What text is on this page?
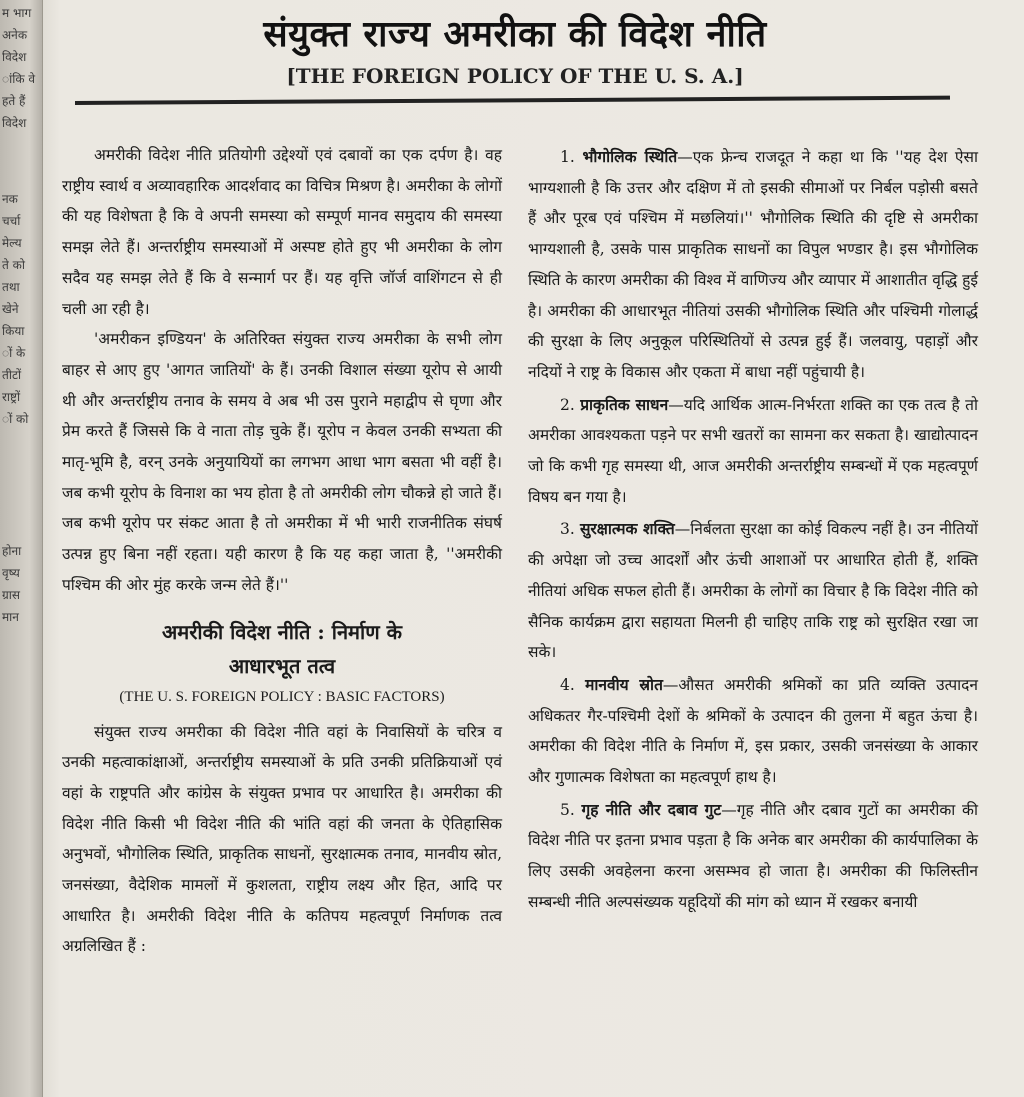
म भाग
अनेक
विदेश
ांकि वे
हते हैं
विदेश
नक
चर्चा
मेल्य
ते को
तथा
खेने
किया
ों के
तीटों
राष्ट्रों
ों को
होना
वृष्य
ग्रास
मान
संयुक्त राज्य अमरीका की विदेश नीति
[THE FOREIGN POLICY OF THE U. S. A.]

अमरीकी विदेश नीति प्रतियोगी उद्देश्यों एवं दबावों का एक दर्पण है। वह राष्ट्रीय स्वार्थ व अव्यावहारिक आदर्शवाद का विचित्र मिश्रण है। अमरीका के लोगों की यह विशेषता है कि वे अपनी समस्या को सम्पूर्ण मानव समुदाय की समस्या समझ लेते हैं। अन्तर्राष्ट्रीय समस्याओं में अस्पष्ट होते हुए भी अमरीका के लोग सदैव यह समझ लेते हैं कि वे सन्मार्ग पर हैं। यह वृत्ति जॉर्ज वाशिंगटन से ही चली आ रही है।

'अमरीकन इण्डियन' के अतिरिक्त संयुक्त राज्य अमरीका के सभी लोग बाहर से आए हुए 'आगत जातियों' के हैं। उनकी विशाल संख्या यूरोप से आयी थी और अन्तर्राष्ट्रीय तनाव के समय वे अब भी उस पुराने महाद्वीप से घृणा और प्रेम करते हैं जिससे कि वे नाता तोड़ चुके हैं। यूरोप न केवल उनकी सभ्यता की मातृ-भूमि है, वरन् उनके अनुयायियों का लगभग आधा भाग बसता भी वहीं है। जब कभी यूरोप के विनाश का भय होता है तो अमरीकी लोग चौकन्ने हो जाते हैं। जब कभी यूरोप पर संकट आता है तो अमरीका में भी भारी राजनीतिक संघर्ष उत्पन्न हुए बिना नहीं रहता। यही कारण है कि यह कहा जाता है, ''अमरीकी पश्चिम की ओर मुंह करके जन्म लेते हैं।''

अमरीकी विदेश नीति : निर्माण के
आधारभूत तत्व
(THE U. S. FOREIGN POLICY : BASIC FACTORS)

संयुक्त राज्य अमरीका की विदेश नीति वहां के निवासियों के चरित्र व उनकी महत्वाकांक्षाओं, अन्तर्राष्ट्रीय समस्याओं के प्रति उनकी प्रतिक्रियाओं एवं वहां के राष्ट्रपति और कांग्रेस के संयुक्त प्रभाव पर आधारित है। अमरीका की विदेश नीति किसी भी विदेश नीति की भांति वहां की जनता के ऐतिहासिक अनुभवों, भौगोलिक स्थिति, प्राकृतिक साधनों, सुरक्षात्मक तनाव, मानवीय स्रोत, जनसंख्या, वैदेशिक मामलों में कुशलता, राष्ट्रीय लक्ष्य और हित, आदि पर आधारित है। अमरीकी विदेश नीति के कतिपय महत्वपूर्ण निर्माणक तत्व अग्रलिखित हैं :

1. भौगोलिक स्थिति—एक फ्रेन्च राजदूत ने कहा था कि ''यह देश ऐसा भाग्यशाली है कि उत्तर और दक्षिण में तो इसकी सीमाओं पर निर्बल पड़ोसी बसते हैं और पूरब एवं पश्चिम में मछलियां।'' भौगोलिक स्थिति की दृष्टि से अमरीका भाग्यशाली है, उसके पास प्राकृतिक साधनों का विपुल भण्डार है। इस भौगोलिक स्थिति के कारण अमरीका की विश्व में वाणिज्य और व्यापार में आशातीत वृद्धि हुई है। अमरीका की आधारभूत नीतियां उसकी भौगोलिक स्थिति और पश्चिमी गोलार्द्ध की सुरक्षा के लिए अनुकूल परिस्थितियों से उत्पन्न हुई हैं। जलवायु, पहाड़ों और नदियों ने राष्ट्र के विकास और एकता में बाधा नहीं पहुंचायी है।

2. प्राकृतिक साधन—यदि आर्थिक आत्म-निर्भरता शक्ति का एक तत्व है तो अमरीका आवश्यकता पड़ने पर सभी खतरों का सामना कर सकता है। खाद्योत्पादन जो कि कभी गृह समस्या थी, आज अमरीकी अन्तर्राष्ट्रीय सम्बन्धों में एक महत्वपूर्ण विषय बन गया है।

3. सुरक्षात्मक शक्ति—निर्बलता सुरक्षा का कोई विकल्प नहीं है। उन नीतियों की अपेक्षा जो उच्च आदर्शों और ऊंची आशाओं पर आधारित होती हैं, शक्ति नीतियां अधिक सफल होती हैं। अमरीका के लोगों का विचार है कि विदेश नीति को सैनिक कार्यक्रम द्वारा सहायता मिलनी ही चाहिए ताकि राष्ट्र को सुरक्षित रखा जा सके।

4. मानवीय स्रोत—औसत अमरीकी श्रमिकों का प्रति व्यक्ति उत्पादन अधिकतर गैर-पश्चिमी देशों के श्रमिकों के उत्पादन की तुलना में बहुत ऊंचा है। अमरीका की विदेश नीति के निर्माण में, इस प्रकार, उसकी जनसंख्या के आकार और गुणात्मक विशेषता का महत्वपूर्ण हाथ है।

5. गृह नीति और दबाव गुट—गृह नीति और दबाव गुटों का अमरीका की विदेश नीति पर इतना प्रभाव पड़ता है कि अनेक बार अमरीका की कार्यपालिका के लिए उसकी अवहेलना करना असम्भव हो जाता है। अमरीका की फिलिस्तीन सम्बन्धी नीति अल्पसंख्यक यहूदियों की मांग को ध्यान में रखकर बनायी
